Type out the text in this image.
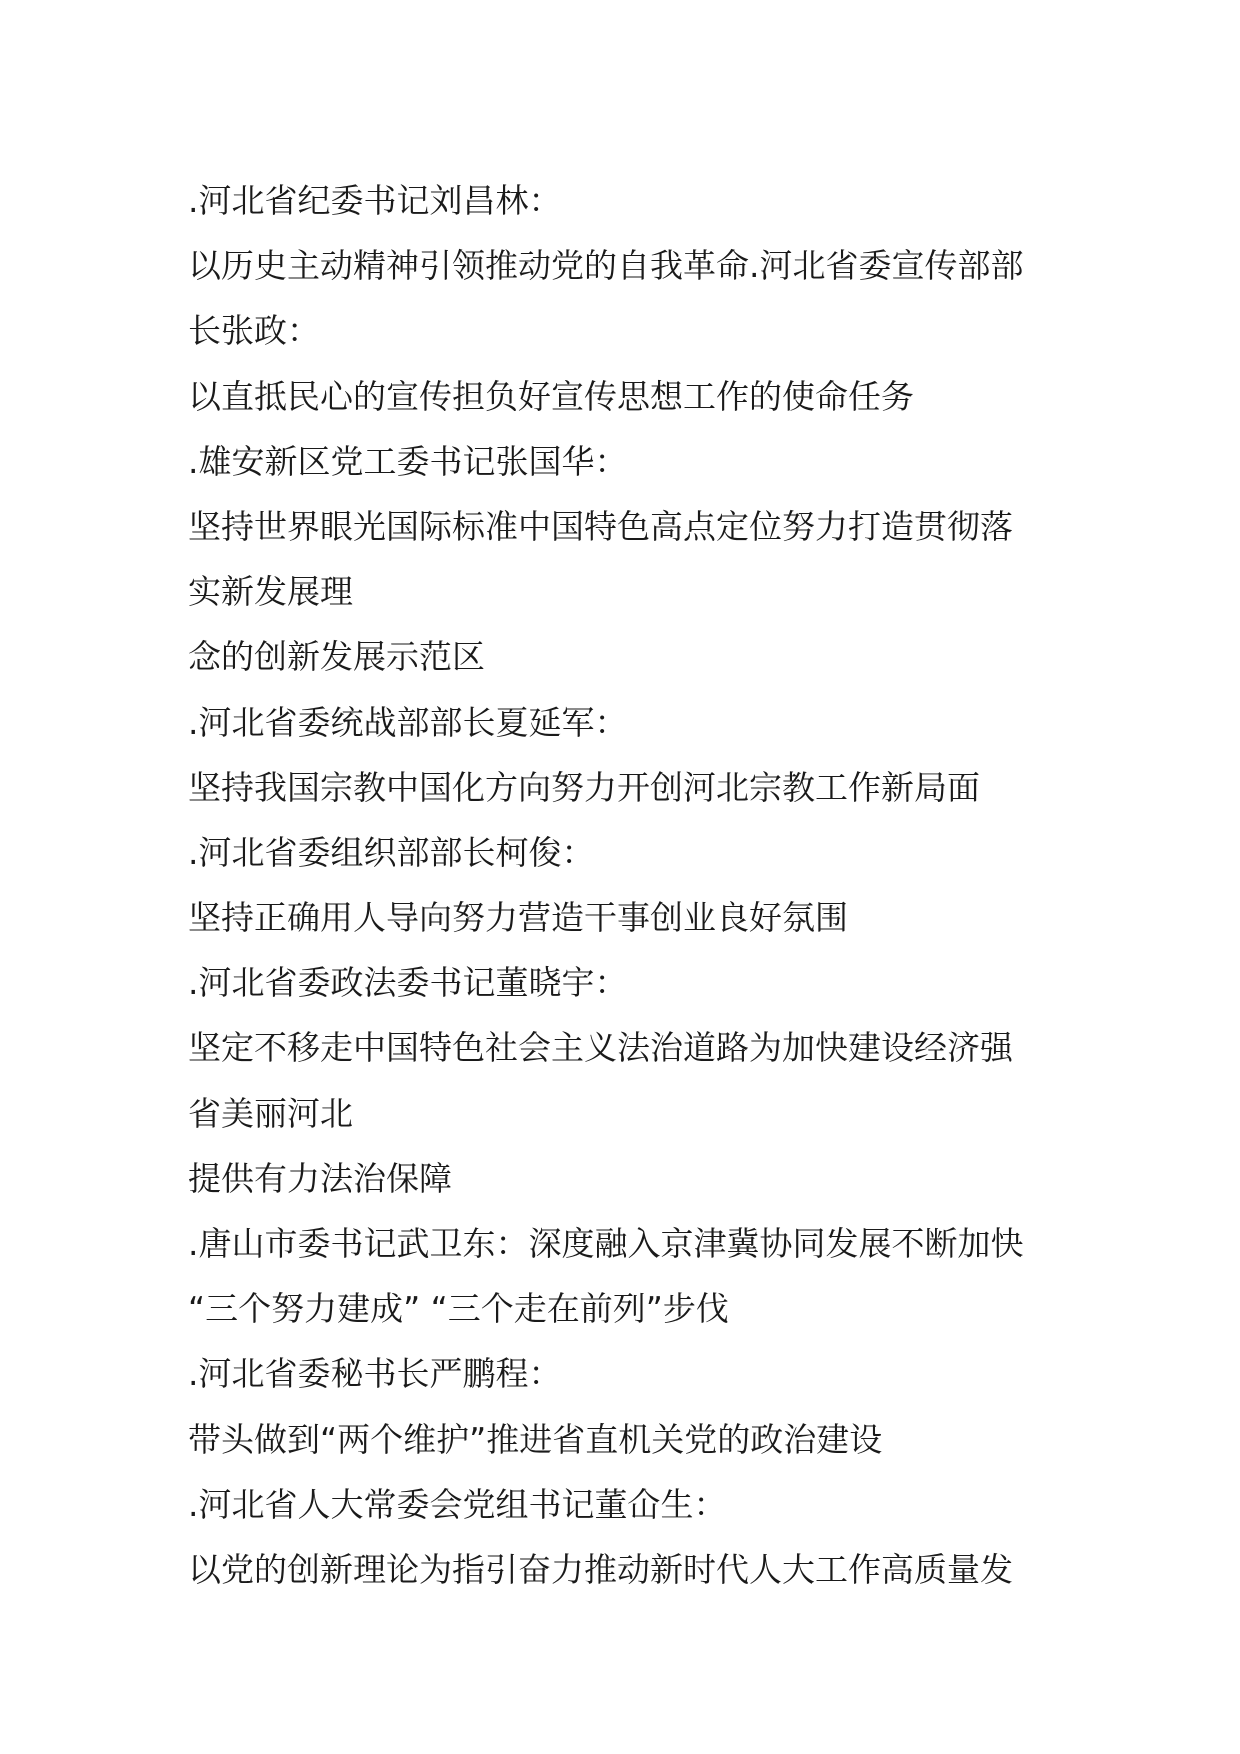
.河北省纪委书记刘昌林：
以历史主动精神引领推动党的自我革命.河北省委宣传部部
长张政：
以直抵民心的宣传担负好宣传思想工作的使命任务
.雄安新区党工委书记张国华：
坚持世界眼光国际标准中国特色高点定位努力打造贯彻落
实新发展理
念的创新发展示范区
.河北省委统战部部长夏延军：
坚持我国宗教中国化方向努力开创河北宗教工作新局面
.河北省委组织部部长柯俊：
坚持正确用人导向努力营造干事创业良好氛围
.河北省委政法委书记董晓宇：
坚定不移走中国特色社会主义法治道路为加快建设经济强
省美丽河北
提供有力法治保障
.唐山市委书记武卫东：深度融入京津冀协同发展不断加快
“三个努力建成” “三个走在前列”步伐
.河北省委秘书长严鹏程：
带头做到“两个维护”推进省直机关党的政治建设
.河北省人大常委会党组书记董仚生：
以党的创新理论为指引奋力推动新时代人大工作高质量发
